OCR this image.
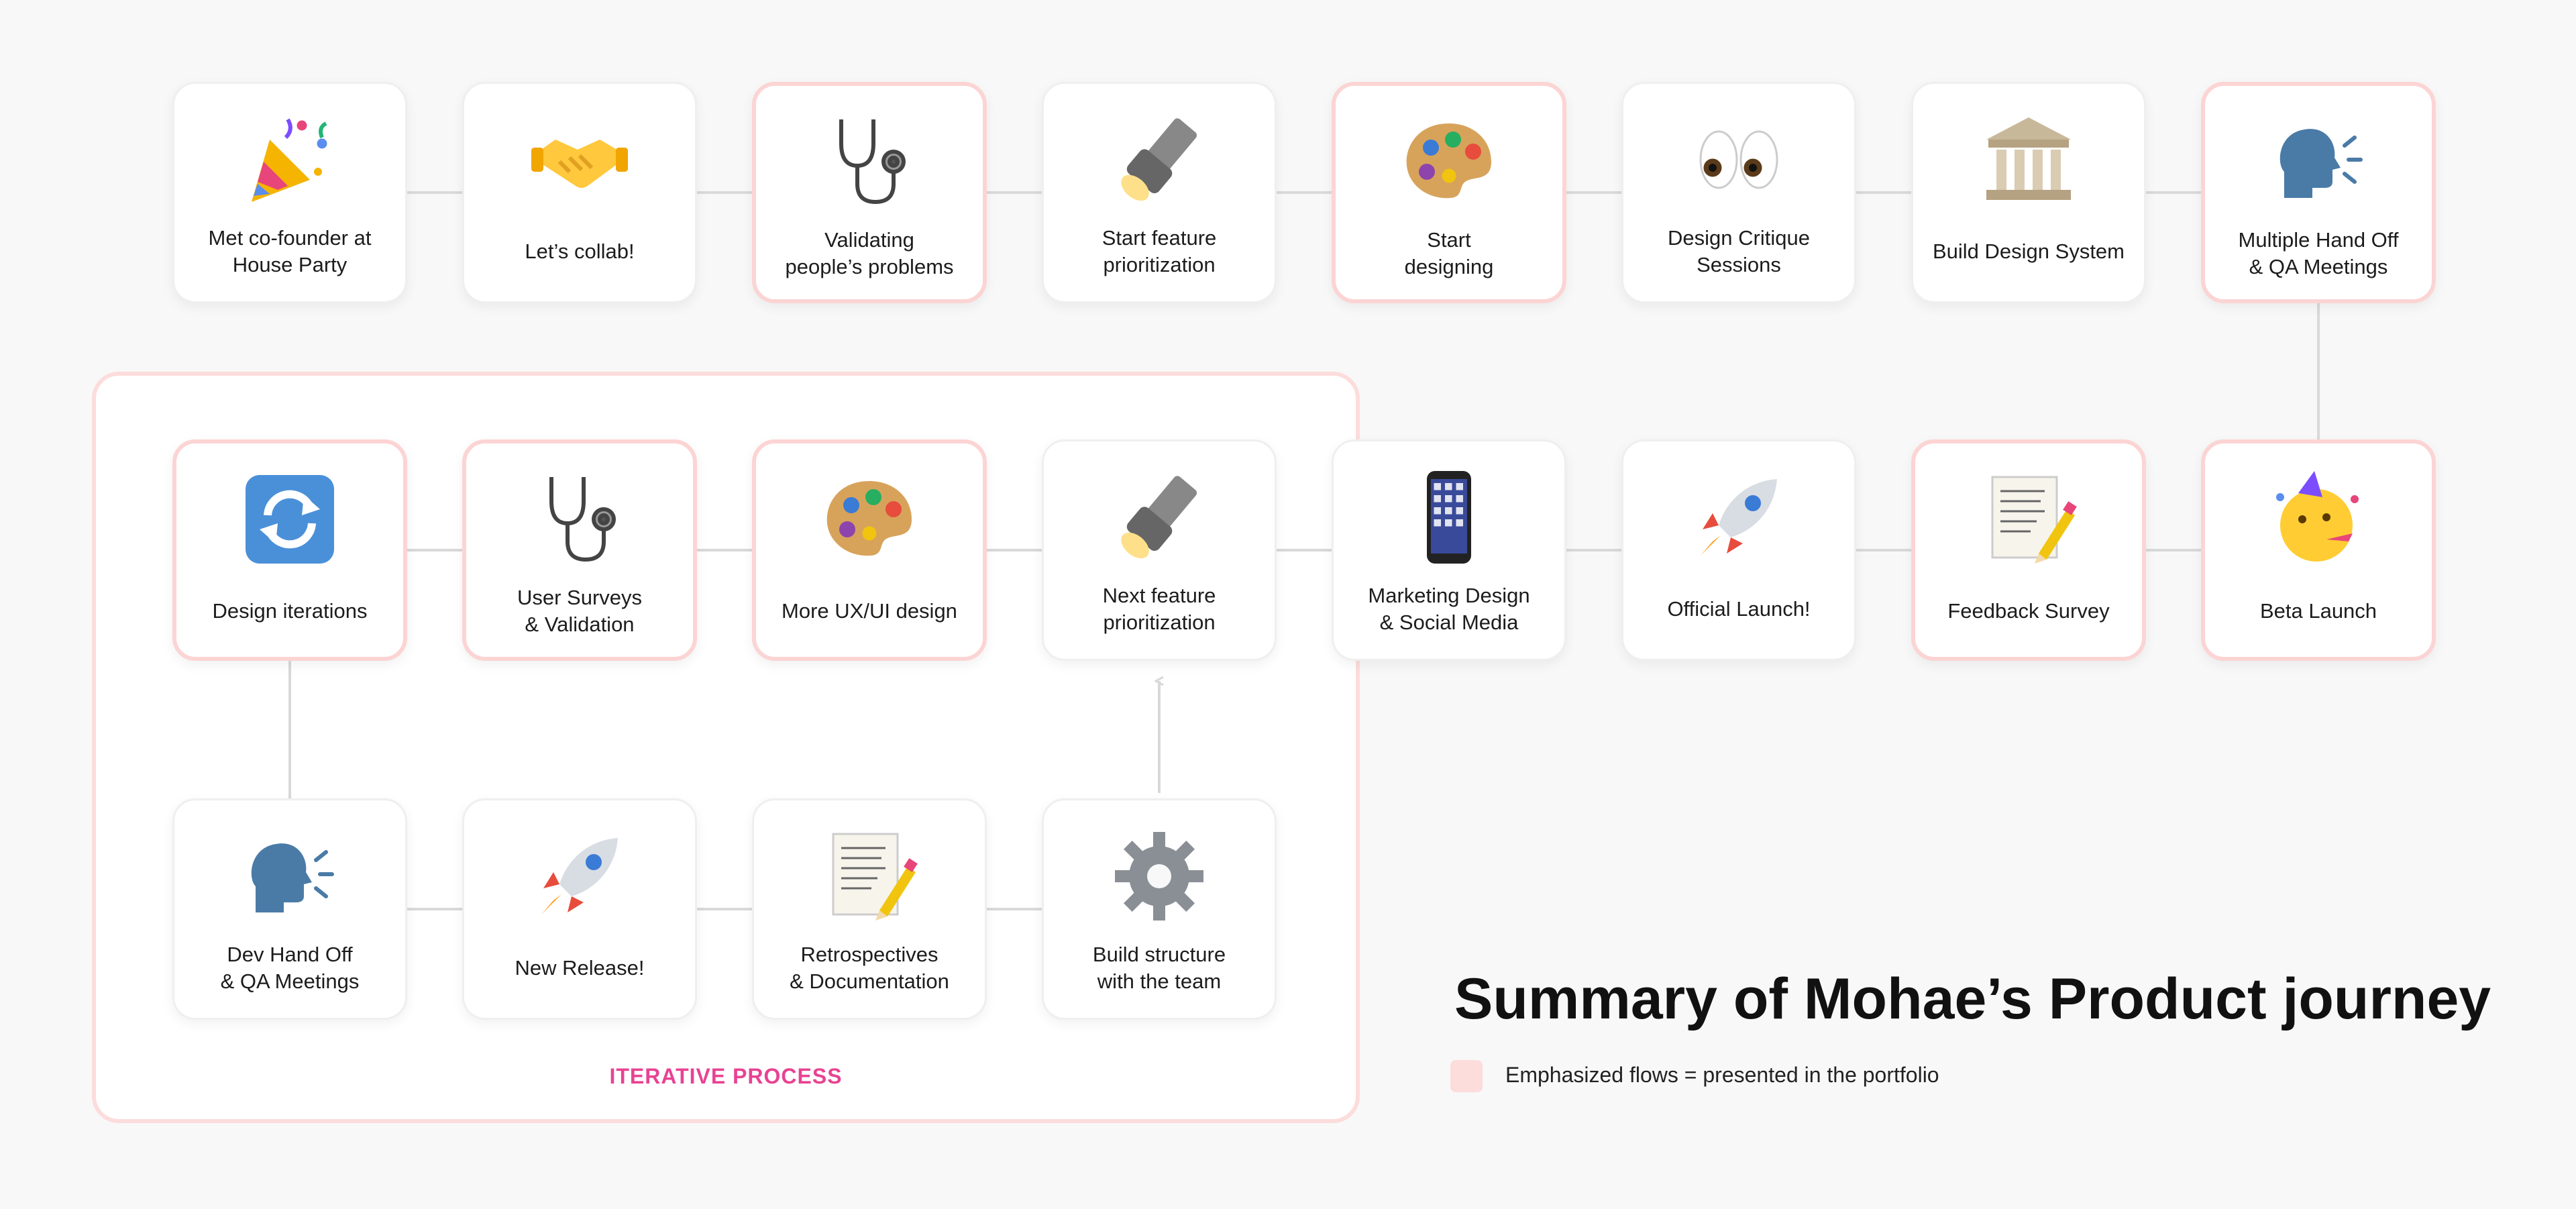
ITERATIVE PROCESS
Met co-founder at
House Party
Let’s collab!	Validating
people’s problems
Start feature
prioritization
Start
designing
Design Critique
Sessions
Build Design System	Multiple Hand Off
& QA Meetings
Beta Launch
Feedback Survey
Official Launch!
Marketing Design
& Social Media
Next feature
prioritization
More UX/UI design
User Surveys
& Validation
Design iterations
Dev Hand Off
& QA Meetings
New Release!
Retrospectives
& Documentation
Build structure
with the team	Summary of Mohae’s Product journey
Emphasized flows = presented in the portfolio
